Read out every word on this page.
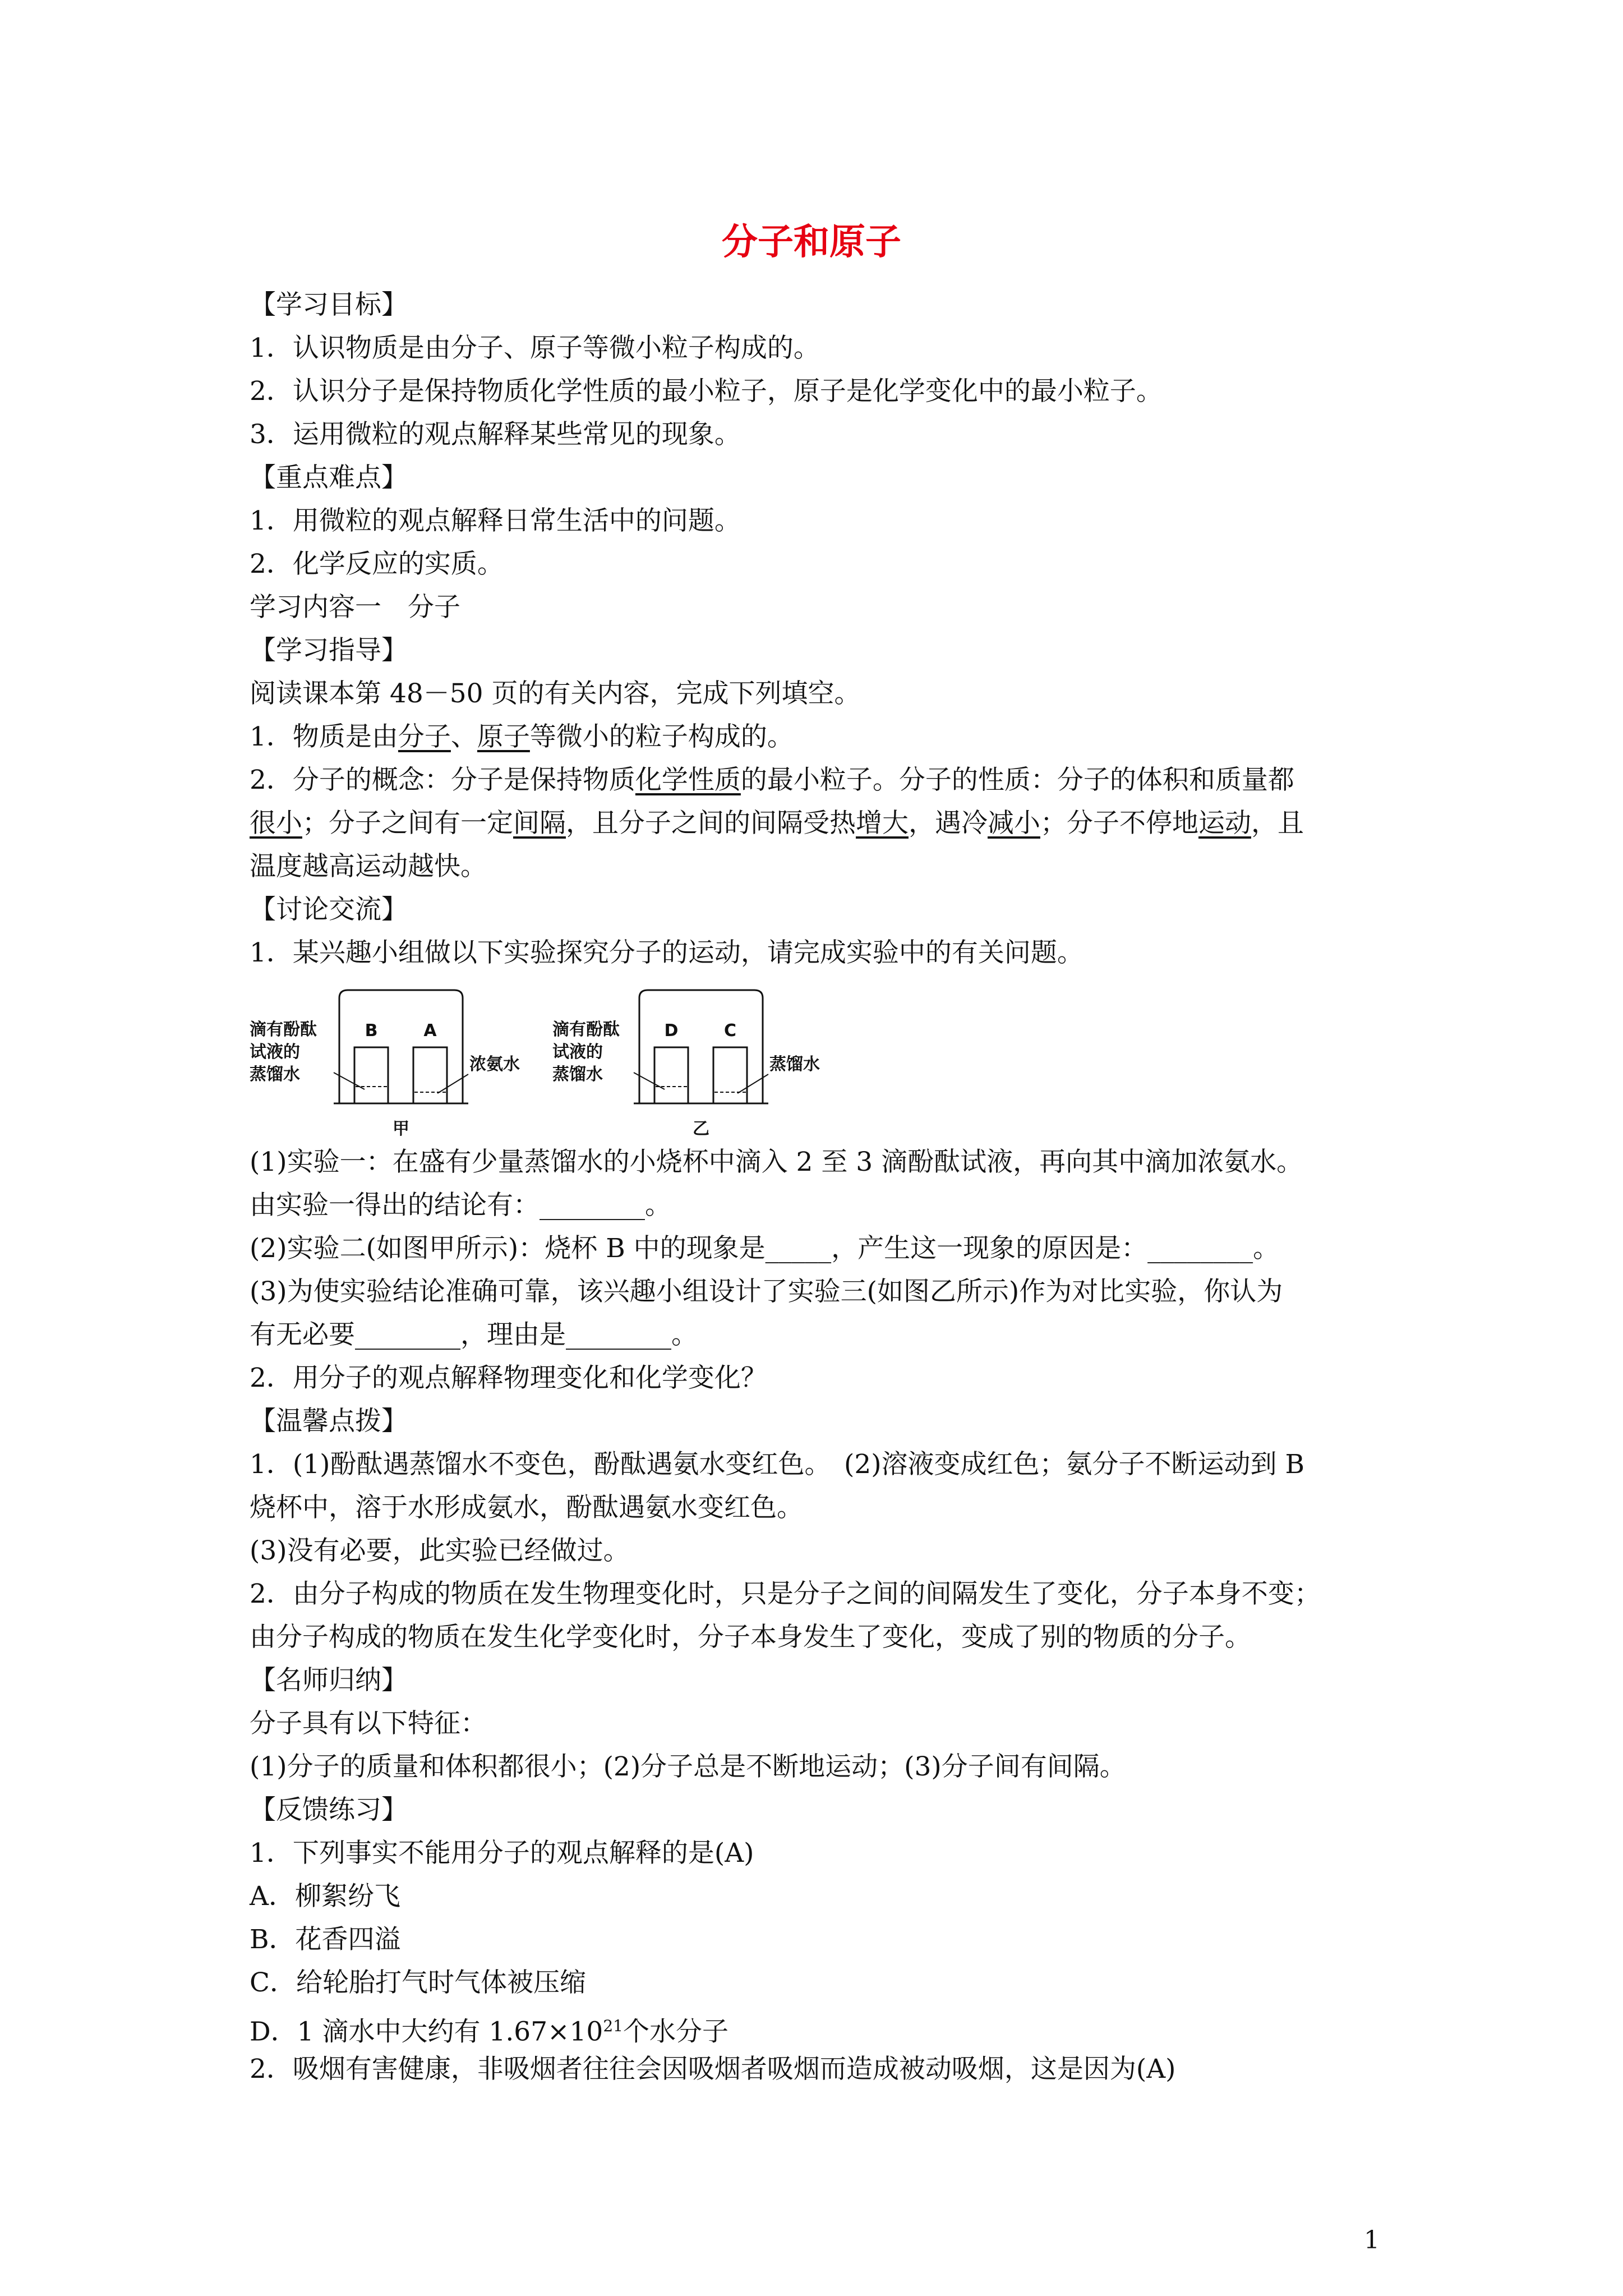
分子和原子
【学习目标】
1．认识物质是由分子、原子等微小粒子构成的。
2．认识分子是保持物质化学性质的最小粒子，原子是化学变化中的最小粒子。
3．运用微粒的观点解释某些常见的现象。
【重点难点】
1．用微粒的观点解释日常生活中的问题。
2．化学反应的实质。
学习内容一　分子
【学习指导】
阅读课本第 48－50 页的有关内容，完成下列填空。
1．物质是由分子、原子等微小的粒子构成的。
2．分子的概念：分子是保持物质化学性质的最小粒子。分子的性质：分子的体积和质量都
很小；分子之间有一定间隔，且分子之间的间隔受热增大，遇冷减小；分子不停地运动，且
温度越高运动越快。
【讨论交流】
1．某兴趣小组做以下实验探究分子的运动，请完成实验中的有关问题。
B	A
滴有酚酞
试液的
蒸馏水
浓氨水
甲
D	C
滴有酚酞
试液的
蒸馏水
蒸馏水
乙
(1)实验一：在盛有少量蒸馏水的小烧杯中滴入 2 至 3 滴酚酞试液，再向其中滴加浓氨水。
由实验一得出的结论有：________。
(2)实验二(如图甲所示)：烧杯 B 中的现象是_____，产生这一现象的原因是：________。
(3)为使实验结论准确可靠，该兴趣小组设计了实验三(如图乙所示)作为对比实验，你认为
有无必要________，理由是________。
2．用分子的观点解释物理变化和化学变化？
【温馨点拨】
1．(1)酚酞遇蒸馏水不变色，酚酞遇氨水变红色。　(2)溶液变成红色；氨分子不断运动到 B
烧杯中，溶于水形成氨水，酚酞遇氨水变红色。
(3)没有必要，此实验已经做过。
2．由分子构成的物质在发生物理变化时，只是分子之间的间隔发生了变化，分子本身不变；
由分子构成的物质在发生化学变化时，分子本身发生了变化，变成了别的物质的分子。
【名师归纳】
分子具有以下特征：
(1)分子的质量和体积都很小；(2)分子总是不断地运动；(3)分子间有间隔。
【反馈练习】
1．下列事实不能用分子的观点解释的是(A)
A．柳絮纷飞
B．花香四溢
C．给轮胎打气时气体被压缩
D．1 滴水中大约有 $1.67\times 10^{21}$个水分子
2．吸烟有害健康，非吸烟者往往会因吸烟者吸烟而造成被动吸烟，这是因为(A)
1
